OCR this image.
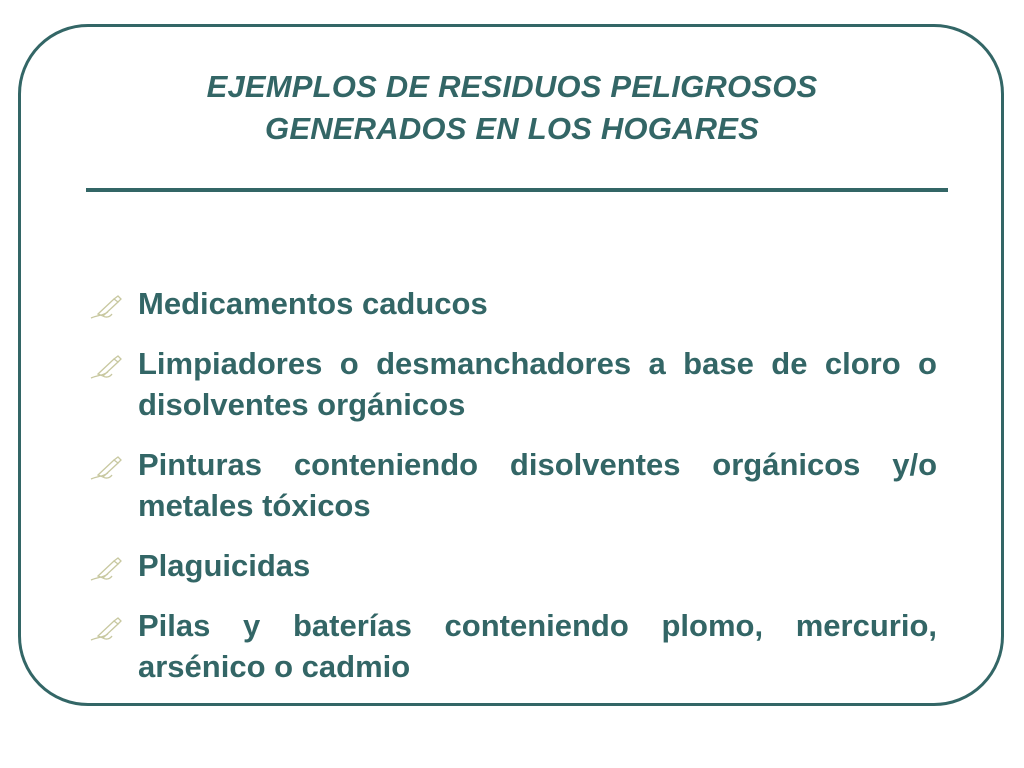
EJEMPLOS DE RESIDUOS PELIGROSOS
GENERADOS EN LOS HOGARES
Medicamentos caducos
Limpiadores o desmanchadores a base de cloro o disolventes orgánicos
Pinturas conteniendo disolventes orgánicos y/o metales tóxicos
Plaguicidas
Pilas y baterías conteniendo plomo, mercurio, arsénico o cadmio
